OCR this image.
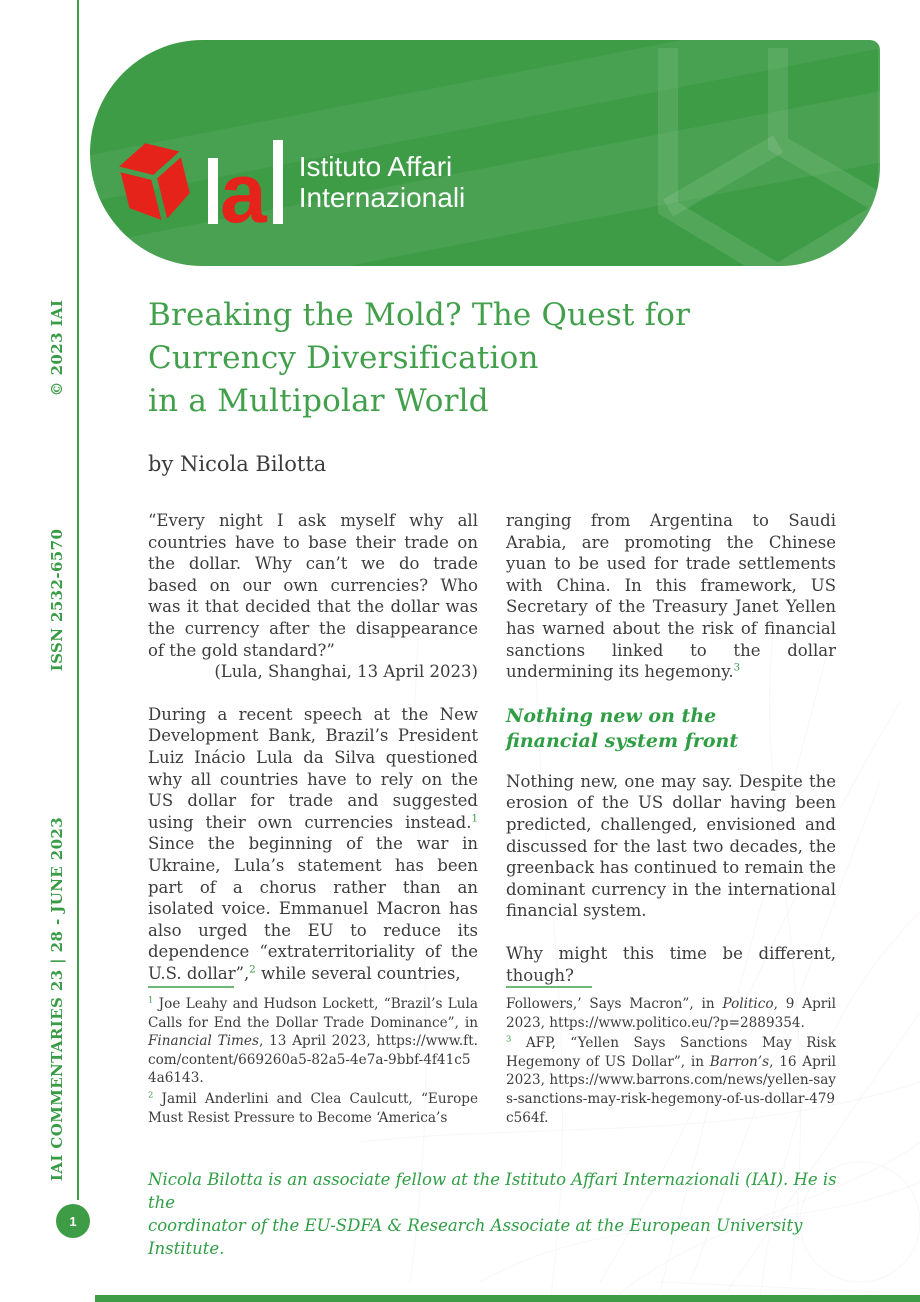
© 2023 IAI
ISSN 2532-6570
IAI COMMENTARIES 23 | 28 - JUNE 2023
a Istituto Affari
Internazionali
Breaking the Mold? The Quest for
Currency Diversification
in a Multipolar World
by Nicola Bilotta

“Every night I ask myself why all countries have to base their trade on the dollar. Why can’t we do trade based on our own currencies? Who was it that decided that the dollar was the currency after the disappearance of the gold standard?”

(Lula, Shanghai, 13 April 2023)

During a recent speech at the New Development Bank, Brazil’s President Luiz Inácio Lula da Silva questioned why all countries have to rely on the US dollar for trade and suggested using their own currencies instead.$^1$ Since the beginning of the war in Ukraine, Lula’s statement has been part of a chorus rather than an isolated voice. Emmanuel Macron has also urged the EU to reduce its dependence “extraterritoriality of the U.S. dollar”,$^2$ while several countries,

ranging from Argentina to Saudi Arabia, are promoting the Chinese yuan to be used for trade settlements with China. In this framework, US Secretary of the Treasury Janet Yellen has warned about the risk of financial sanctions linked to the dollar undermining its hegemony.$^3$

Nothing new on the financial system front

Nothing new, one may say. Despite the erosion of the US dollar having been predicted, challenged, envisioned and discussed for the last two decades, the greenback has continued to remain the dominant currency in the international financial system.

Why might this time be different, though?

$^1$ Joe Leahy and Hudson Lockett, “Brazil’s Lula Calls for End the Dollar Trade Dominance”, in Financial Times, 13 April 2023, https://www.ft.com/content/669260a5-82a5-4e7a-9bbf-4f41c54a6143.
$^2$ Jamil Anderlini and Clea Caulcutt, “Europe Must Resist Pressure to Become ‘America’s
Followers,’ Says Macron”, in Politico, 9 April 2023, https://www.politico.eu/?p=2889354.
$^3$ AFP, “Yellen Says Sanctions May Risk Hegemony of US Dollar”, in Barron’s, 16 April 2023, https://www.barrons.com/news/yellen-says-sanctions-may-risk-hegemony-of-us-dollar-479c564f.
Nicola Bilotta is an associate fellow at the Istituto Affari Internazionali (IAI). He is the
coordinator of the EU-SDFA & Research Associate at the European University Institute.
1
